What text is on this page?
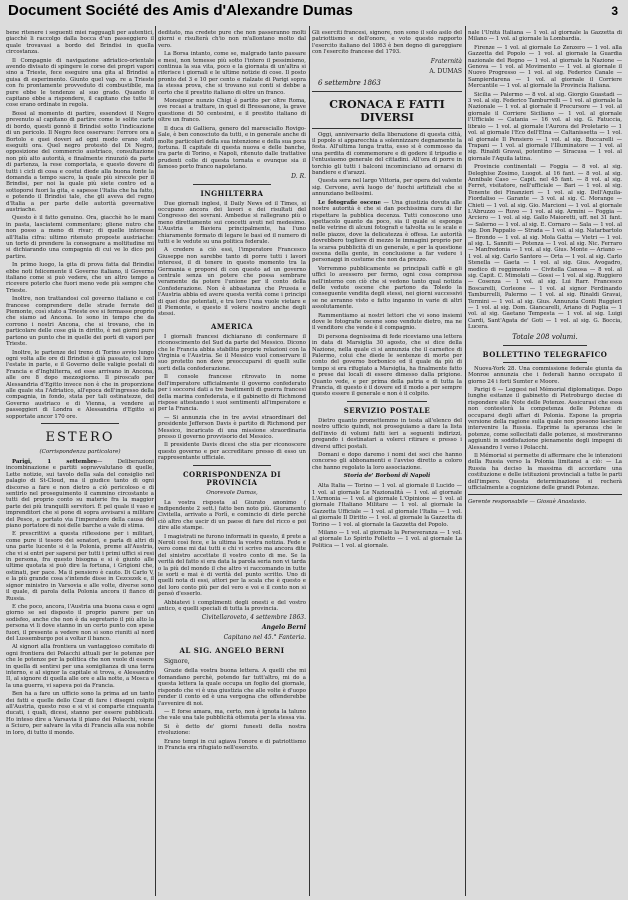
Document Société des Amis d'Alexandre Dumas	3

bene ritenere i seguenti miei ragguagli per autentici, giacchè li raccolgo dalla bocca d'un passeggiero il quale trovavasi a bordo del Brindisi in quella circostanza.

Il Compagnie di navigazione adriatico-orientale avendo divisato di spingere le corse dei propri vapori sino a Trieste, fece eseguire una gita al Brindisi a guisa di esperimento. Giunto quel vap. re a Trieste con fu prontamente provveduto di combustibile, ma pure ebbe le tendenze al suo grado. Quando il capitano ebbe a rispondere, il capitano che tutte le cose erano ordinate in regola.

Bossi al momento di partire, essendovi il Negro prevenuto al capitano di partire come le solite carte di bordo, questi gonnò il Brindisi sotto l'indicazione di un pericolo. Il Negro fece osservare: l'errore ora a Bortolo e quei doveri ad ogni modo erano stati eseguiti ora. Quel negro protestò del Di Negro, opposizione del commercio austriaco, consultazione non più alto autorità, e finalmente rinunziò da parte di partenza, la rese comportata, e questo dovere di tutti i cicli di cosa e costui diede alla buona fonte la domanda a tempo sacro, la quale più sirecole per il Brindisi, per noi la quale più siete contro ed a sottoporsi fuori la gita, e sapesse l'Italia che ha fatto, e potendo il Brindisi tale, che gli aveva del regno d'Italia a per parte delle autorità governative austriache.

Questo è il fatto genuino. Ora, giacchè ho le mani in pasta, lasciatemi commentare; gliene nutro che non posso a meno di rivar; di quelle interesse all'Italia cifra: ultimo ritenuto proposte austriache: un torto di prendere la consegnare a moltitudine mi si dichiarando una compagnia di cui ve lo dico poi partire.

In primo luogo, la gita di prova fatta dal Brindisi ebbe noti felicemente il Governo italiano, il Governo italiano come si può vedere, che un altro tempo a ricevere poterlo che fuori meno vede più sempre che Trieste.

Inoltre, non trattandosi col governo italiano e col francese comprendere delle strade ferrate del Piemonte, così stato a Trieste ove si fermasse proprio che siamo ad Ancona. Io sono in tempo che da corrono i nostri Ancona, che si trovano, che in particolare delle cose già in diritto, è nei giorni pure partono un punto che in quelle dei porti di vapori per Trieste.

Inoltre, le partenze del treno di Torino avvio lungo ogni volta alle ore di Brindisi è già passato, col loro l'estate in parte, e il Governo delle valigie postali di Francia e d'Inghilterra, ed esse arrivano in Ancona, alle ore 8 dopo mezzogiorno. Il piroscafo per Alessandria d'Egitto invece non è che in proporzione alle quale sta l'Adriatico, all'epoca dell'ingresso della compagnia, in fondo, stata per tali ostinatezze, del Governo austriaco e di Vienna, a vendere ai passeggieri di Londra e Alessandria d'Egitto si sopportate ancor 170 ore.

ESTERO
(Corrispondenza particolare)

Parigi, 1 settembre— Deliberazioni incombinazione e partiti sopravvalutano di quelle, Lette notizie, sui tavolo della sala del consiglio nel palagio di St-Cloud, ma il giudice tanto di ogni discorso a fare e non dietro a ciò pericoloso e di sentirlo nel proseguimento il cammino circostante a tutti del proprio conto su materie fra la maggior parte dei più tranquilli servitori. È pel quale il vaso e imprenditori che si pone di sopra avvisarsi a militare del Pesce, e portato via l'imperatore della causa del piano portatore di noi delle barche a vale di stima.

E prescrittivi a questa riflessione per i militari, come pure il tesoro dei senatori, e parla di altri di una parte lucente si è la Polonia, preme all'Austria, che vi si entri per sapersi per tutti i primi uffici si resi in persona, fra questo bisogna e si è giunto alle ultime quotata si può dire la fortuna, i Grigioni che, ostinati, per pace. Ma il pensiero è cauto. Di Carlo V, e la più grande cosa s'intende disse in Cezcezek e, il signor ministro in Varsovia e alle volte, diverse sono il quale, di parola della Polonia ancora il fianco di Russia.

E che poco, ancora, l'Austria una buona casa e ogni giorno se sei disposto il proprio parere per un sodisfeo, anche che non è da segretario il più alto la persona vi li dove stanno in un certo punto con spese fuori, il presente a vedere non si sono riuniti al nord del Lussemburgo poi a voltar il banco.

Al signori alla frontiera un vantaggioso comitato di ogni frontiera dei Polacchi attuali per le potenze per che le potenze per la politica che non vuole di essere in quella di sentirsi per una somiglianza di una terra interno, e al signor la capitale si trova, e Alessandro II, al signore di quella alle ore e alla notte, a Mosca e la una guerra, vi sapeva poi da Francia.

Ben ha a fare un ufficio sono la prima ad un tanto dei fatti e quelle dello Czar di fare i disegni colpiti all'Austria, questo reso e si vi si comparte cinquanta ducati, i quali, dicesi, stanno per essere pubblicati. Ho inteso dire a Varsavia il piano dei Polacchi, viene a Sciuro, per salvare la vita di Francia alla sua nobile in loro, di tutto il mondo.

deditato, ma credete pure che non passeranno molti giorni e risulterà ch'io non m'allontano molto dal vero.

La Borsa intanto, come se, malgrado tanto passare e mesi, non temesse più sotto l'intero il pessimismo, continua la sua vita, poco e la giornata di un'altra si riferisce i giornali e le ultime notizie di cose. Il posto pronto del 3 e 10 per cento e rialzate di Parigi sopra la stessa prova, che si trovano sui conti si debbe a certo che il prestito italiano di oltre un franco.

Monsignor nunzio Chigi è partito per oltre Roma, ove recasi a trattare, in quel di Bressanone, la grave questione di 50 centesimi, e il prestito italiano di oltre un franco.

Il duca di Galliera, genero del maresciallo Rovigo-Sale, è ben conosciuto da tutti, e in generale anche di molte particolari della sua intenzione e della sua poca fortuna. Il capitale di questa nuova e delle banche, tra parte di Torino, e Napoli, ritenuto dalle trattative prudenti colle di questa tornata e ovunque sia il famoso porto franco napoletano.

D. R.
INGHILTERRA

Due giornali inglesi, il Daily News ed il Times, si occupano ancora dei lavori e dei risultati del Congresso dei sovrani. Ambedue si rallegrano più o meno direttamente sui concetti avuti nel medesimo. L'Austria e Baviera principalmente, ha l'uno chiaramente formato di legare le basi ed il numero di tutti e le vedute su una politica federale.

A credere a ciò essi, l'imperatore Francesco Giuseppe non sarebbe tanto di porre tutti i lavori interessi, il di tenere in questo momento tra la Germania e proporsi di con questo ad un governo centrale senza un potere che possa sembrare veramente da potere l'unione per il conto della Confederazione. Non è abbastanza che Prussia e l'Austria abbia ed avere questa verità come i principi di quei due potentati, e tra loro l'una vuole vietare e il Piemonte, e questo il volere nostro anche degli stessi.

AMERICA

I giornali francesi dichiarano di confermare il riconoscimento del Sud da parte del Messico. Dicono che le Francia abbia stabilita proprie relazioni con la Virginia e l'Austria. Se il Messico vuol conservare il suo protetto non deve preoccuparsi di quelli sulle sorti della confederazione.

Il console francese ritrovato in nome dell'imperatore ufficialmente il governo confederato per i soccorsi dati a tre bastimenti di guerra francesi della marina confederata, e il gabinetto di Richmond rispose attestando i suoi sentimenti all'imperatore e per la Francia.

— Si annunzia che in tre avvisi straordinari del presidente Jefferson Davis è partito di Richmond per Messico, incaricato di una missione straordinaria presso il governo provvisorio del Messico.

Il presidente Davis dicesi che stia per riconoscere questo governo e per accreditare presso di esso un rappresentante ufficiale.

CORRISPONDENZA DI PROVINCIA
Onorevole Dumas,

La vostra risposta al Giurato anonimo ( Indipendente 2 sett.) fatto ben noto più. Giuramento Civitella, arrivato a Forlì, e comincio di dirle perchè ciò altro che uscir di un paese di fare del ricco e poi dire alle stampe.

I magistrati ne furono informati in questo, il prete a Neroli così fece, e la ultima la vostra notizia. Fede e vero come mi dai tutti e chi vi scrivo ma ancora dite del sinistro accettate il vostro conto di me. Se la verità del fatto si era data la parola seria non vi tarda o la più del mondo il che altro vi raccomando in tutte le sorti e mai è di verità del punto scritto. Uno di quelli nota di essi, attori per la scala che è questo e del loro conto più per del vero e voi e il conto non si pensò d'esserlo.

Abbiatevi i complimenti degli onesti e del vostro antico, e quelli speciali di tutta la provincia.

Civitellaroveto, 4 settembre 1863.
Angelo Berni
Capitano nel 45.° Fanteria.
AL SIG. ANGELO BERNI
Signore,

Grazie della vostra buona lettera. A quelli che mi domandano perchè, potendo far tutt'altro, mi do a questa lettera la quale occupa un foglio del giornale, rispondo che vi è una giustizia che alle volte è d'uopo render il conto ed è una vergogna che offenderebbe l'avvenire di noi.

— E forse amara, ma, certo, non è ignota la taluno che vale una tale pubblicità ottenuta per la stessa via.

Si è detto de' giorni funesti della nostra rivoluzione:

Erano tempi in cui agiava l'onore e di patriottismo in Francia era rifugiato nell'esercito.

Gli eserciti francesi, signore, non sono il solo asilo del patriottismo e dell'onore, e voto questo rapporto l'esercito italiano del 1863 è ben degno di gareggiare con l'esercito francese del 1793.

Fraternità
A. DUMAS
6 settembre 1863
CRONACA E FATTI DIVERSI

Oggi, anniversario della liberazione di questa città, il popolo si apparecchia a solennizzare degnamente la festa. All'ultima lunga tratta, esso si è commosso da una perdita di commemorare e di godere il tripudio e l'entusiasmo generale del cittadini. All'ora di porre in torchio gli tutti i balconi incominciano ad ornarsi di bandiere e d'arazzi.

Questa sera nel largo Vittoria, per opera del valente sig. Cervone, avrà luogo de' fuochi artifiziali che si annunziano bellissimi.

Le fotografie oscene — Una giustizia dovuta alle nostre autorità è che si dan pochissima cura di far rispettare la pubblica decenza. Tutti conoscono uno spettacolo quanto da poco, sia il quale si esponga nelle vetrine di alcuni fotografi e talvolta su le scale e nelle piazze, dove la delicatezza è offesa. Le autorità dovrebbero togliere di mezzo le immagini proprio per la scarsa pubblicità di un generale, e per la questione oscena della gente, in conclusione a far vedere i personaggi in costume che non da prezzo.

Vorremmo pubblicamente se principali caffè e gli uffici lo avessero per fermo, ogni cosa compresa nell'interno con ciò che si vedono tanto qual notizia delle vedute oscene che partono da Toledo la conseguente vendita degli stessi, nei giorni successivi se ne avranno visto e fatto inganno in varie di altri assolutamente.

Rammentiamo ai nostri lettori che vi sono insiemi dove le fotografie oscene sono vendute dietro, ma ne il venditore che vende è il compagnio.

Di persona degnissima di fede riceviamo una lettera in data di Marsiglia 30 agosto, che si dice della Nazione, nella quale ci si annunzia che il carnefice di Palermo, colui che diede le sentenze di morte per conto del governo borbonico ed il quale da più di tempo si era rifugiato a Marsiglia, ha finalmente fatto e prese dai locali di essere dimesso dalla prigione. Quanto vede, e per prima della patria e di tutta la Francia, di questo è il dovere ed il modo a per sempre questo essere il generale e non è il colpito.

SERVIZIO POSTALE

Dietro quanto promettemmo in testa all'elenco del nostro ufficio quindi, noi proseguiamo a dare la lista dell'invio di volumi fatti ieri a seguenti indirizzi, pregando i destinatari a volerci ritirare e presso i diversi uffici postali.

Domani e dopo daremo i nomi dei soci che hanno concorso gli abbonamenti e l'avviso diretto a coloro che hanno regolato la loro associazione.

Storia de' Borboni di Napoli

Alta Italia — Torino — 1 vol. al giornale il Lucido — 1 vol. al giornale Le Nazionalità — 1 vol. al giornale L'Armonia — 1 vol. al giornale L'Opinione — 1 vol. al giornale l'Italiano Militare — 1 vol. al giornale la Gazzetta Ufficiale — 1 vol. al giornale l'Italia — 1 vol. al giornale Il Diritto — 1 vol. al giornale la Gazzetta di Torino — 1 vol. al giornale la Gazzetta del Popolo.

Milano — 1 vol. al giornale la Perseveranza — 1 vol. al giornale Lo Spirito Folletto — 1 vol. al giornale La Politica — 1 vol. al giornale.

nale l'Unità Italiana — 1 vol. al giornale la Gazzetta di Milano — 1 vol. al giornale la Lombardia.

Firenze — 1 vol. al giornale Lo Zenzero — 1 vol. alla Gazzetta del Popolo — 1 vol. al giornale la Guardia nazionale del Regno — 1 vol. al giornale la Nazione — Genova — 1 vol. al Movimento — 1 vol. al giornale il Nuovo Progresso — 1 vol. al sig. Federico Canale — Sampierdarena — 1 vol. al giornale il Corriere Mercantile — 1 vol. al giornale la Provincia Italiana.

Sicilia — Palermo — 8 vol. al sig. Giorgio Guastadi — 3 vol. al sig. Federico Tamburrelli — 1 vol. al giornale la Nazionale — 1 vol. al giornale il Precursore — 1 vol. al giornale il Corriere Siciliano — 1 vol. al giornale l'Ufficiale — Catania — 16 vol. al sig. G. Fatuccia, libraio — 1 vol. al giornale l'Aurora del Proletario — 1 vol. al giornale l'Eco dell'Etna — Caltanissetta — 1 vol. al giornale Il Pensiero — 1 vol. al sig. Buccarelli — Trapani — 1 vol. al giornale l'Illuminatore — 1 vol. al sig. Rinaldi Gravai, potentino — Siracusa — 1 vol. al giornale l'Aquila latina.

Provincie continentali — Foggia — 8 vol. al sig. Deleghise Zosimo, Luogot. al 16 fant. — 8 vol. al sig. Annibale Caso — Capit. nel 45 fant. — 8 vol. al sig. Ferret, visitatore, nell'ufficiale — Bari — 1 vol. al sig. Tenente dei Finanzieri — 1 vol. al sig. Dell'Aquila-Fiordaliso — Garante — 3 vol. al sig. C. Morange — Chieti — 1 vol. al sig. Gio. Marcioni — 1 vol. al giornale L'Abruzzo — Ruvo — 1 vol. al sig. Armini — Foggia — Arciero — 1 vol. al sig. Gallo Maioretti, uff. nel 31 fant. — Salerno — 1 vol. al sig. E. Cornaro — Sala — 1 vol. al sig. Don Pappalio — Strada — 1 vol. al sig. Natarbartolo — Brondo — 1 vol. al sig. Mola Gatta — Vietri — 1 vol. al sig. L. Sanniti — Potenza — 1 vol. al sig. Nic. Ferraro — Manfredonia — 1 vol. al sig. Gius. Monte — Ariano — 1 vol. al sig. Carlo Santoro — Orta — 1 vol. al sig. Carlo Stenella — Gaeta — 1 vol. al sig. Gius. Avogadro, medico di reggimento — Civitella Canosa — 8 vol. al sig. Capit. C. Mimolati — Gossi — 1 vol. al sig. Ruggiero — Cosenza — 1 vol. al sig. Lui Rarr. Francesco Boscarelli, Corleone — 1 vol. al signor Ferdinando Tamburrelli, Palermo — 1 vol. al sig. Rinaldi Gravai, Termini — 1 vol. al sig. Gius. Annunzia Conti Ruggieri — 1 vol. al sig. Dom. Giancarelli, Ariano di Puglia — 1 vol. al sig. Gaetano Tempesta — 1 vol. al sig. Luigi Cardi, Sant'Agata de' Goti — 1 vol. al sig. G. Boccia, Lucera.

Totale 208 volumi.
BOLLETTINO TELEGRAFICO

Nuova-York 28. Una commissione federale giunta da Monroe annunzia che i federali hanno occupato il giorno 24 i forti Sumter e Moore.

Parigi 6 — Leggesi nel Mémorial diplomatique. Dopo lunghe esitanze il gabinetto di Pietroburgo decise di rispondere alle Note delle Potenze. Assicurasi che essa non contesterà la competenza delle Potenze di occuparsi degli affari di Polonia. Espone la propria versione della ragione sulla quale non possono lasciare intervenire la Russia. Esprime la speranza che le potenze, come sollecitati dalle potenze, si mostreranno aggiunti in soddisfazione pienamente degli impegni di Alessandro I verso i Polacchi.

Il Mémorial si permette di affermare che le intenzioni della Russia verso la Polonia limitansi a ciò: — La Russia ha deciso la massima di accordare una costituzione e delle istituzioni provinciali a tutte le parti dell'impero. Questa determinazione si recherà ufficialmente a cognizione delle grandi Potenze.

Gerente responsabile — Giosuè Anastasio.
